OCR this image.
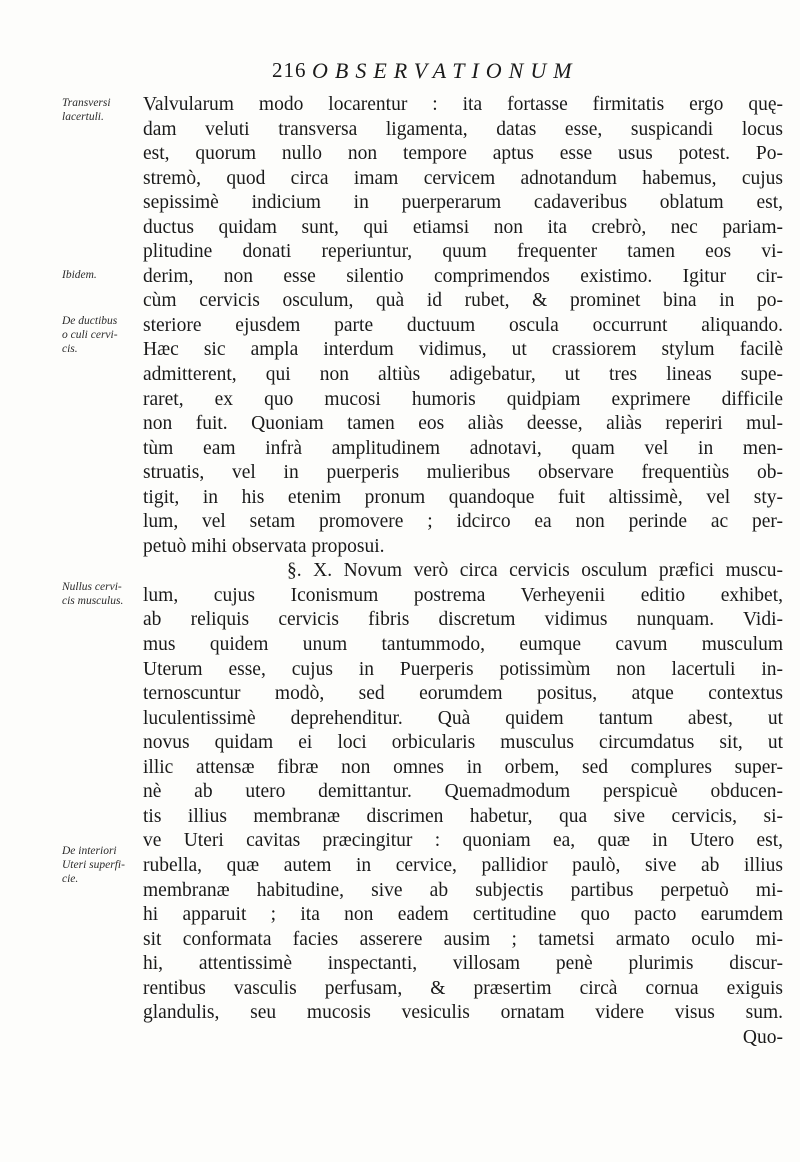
216 OBSERVATIONUM
Transversi
lacertuli.
Ibidem.
De ductibus
o culi cervi-
cis.
Nullus cervi-
cis musculus.
De interiori
Uteri superfi-
cie.
Valvularum modo locarentur : ita fortasse firmitatis ergo quę-
dam veluti transversa ligamenta, datas esse, suspicandi locus
est, quorum nullo non tempore aptus esse usus potest. Po-
stremò, quod circa imam cervicem adnotandum habemus, cujus
sepissimè indicium in puerperarum cadaveribus oblatum est,
ductus quidam sunt, qui etiamsi non ita crebrò, nec pariam-
plitudine donati reperiuntur, quum frequenter tamen eos vi-
derim, non esse silentio comprimendos existimo. Igitur cir-
cùm cervicis osculum, quà id rubet, & prominet bina in po-
steriore ejusdem parte ductuum oscula occurrunt aliquando.
Hæc sic ampla interdum vidimus, ut crassiorem stylum facilè
admitterent, qui non altiùs adigebatur, ut tres lineas supe-
raret, ex quo mucosi humoris quidpiam exprimere difficile
non fuit. Quoniam tamen eos aliàs deesse, aliàs reperiri mul-
tùm eam infrà amplitudinem adnotavi, quam vel in men-
struatis, vel in puerperis mulieribus observare frequentiùs ob-
tigit, in his etenim pronum quandoque fuit altissimè, vel sty-
lum, vel setam promovere ; idcirco ea non perinde ac per-
petuò mihi observata proposui.
§. X. Novum verò circa cervicis osculum præfici muscu-
lum, cujus Iconismum postrema Verheyenii editio exhibet,
ab reliquis cervicis fibris discretum vidimus nunquam. Vidi-
mus quidem unum tantummodo, eumque cavum musculum
Uterum esse, cujus in Puerperis potissimùm non lacertuli in-
ternoscuntur modò, sed eorumdem positus, atque contextus
luculentissimè deprehenditur. Quà quidem tantum abest, ut
novus quidam ei loci orbicularis musculus circumdatus sit, ut
illic attensæ fibræ non omnes in orbem, sed complures super-
nè ab utero demittantur. Quemadmodum perspicuè obducen-
tis illius membranæ discrimen habetur, qua sive cervicis, si-
ve Uteri cavitas præcingitur : quoniam ea, quæ in Utero est,
rubella, quæ autem in cervice, pallidior paulò, sive ab illius
membranæ habitudine, sive ab subjectis partibus perpetuò mi-
hi apparuit ; ita non eadem certitudine quo pacto earumdem
sit conformata facies asserere ausim ; tametsi armato oculo mi-
hi, attentissimè inspectanti, villosam penè plurimis discur-
rentibus vasculis perfusam, & præsertim circà cornua exiguis
glandulis, seu mucosis vesiculis ornatam videre visus sum.
Quo-
